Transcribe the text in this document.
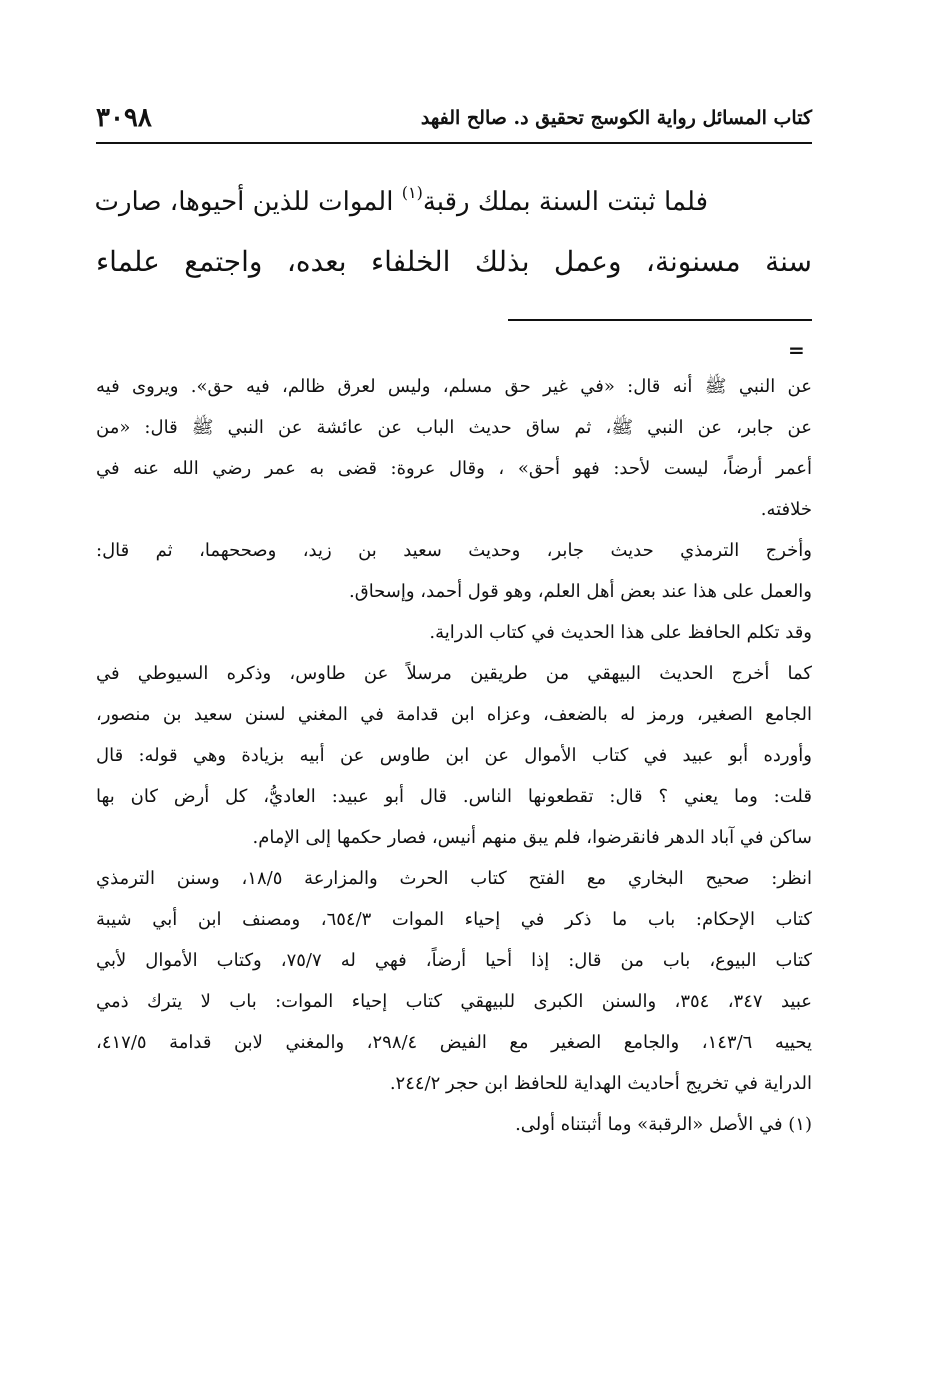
كتاب المسائل رواية الكوسج تحقيق د. صالح الفهد
٣٠٩٨
فلما ثبتت السنة بملك رقبة$^{(١)}$ الموات للذين أحيوها، صارت
سنة مسنونة، وعمل بذلك الخلفاء بعده، واجتمع علماء
=
عن النبي ﷺ أنه قال: «في غير حق مسلم، وليس لعرق ظالم، فيه حق». ويروى فيه
عن جابر، عن النبي ﷺ، ثم ساق حديث الباب عن عائشة عن النبي ﷺ قال: «من
أعمر أرضاً، ليست لأحد: فهو أحق» ، وقال عروة: قضى به عمر رضي الله عنه في
خلافته.
وأخرج الترمذي حديث جابر، وحديث سعيد بن زيد، وصححهما، ثم قال:
والعمل على هذا عند بعض أهل العلم، وهو قول أحمد، وإسحاق.
وقد تكلم الحافظ على هذا الحديث في كتاب الدراية.
كما أخرج الحديث البيهقي من طريقين مرسلاً عن طاوس، وذكره السيوطي في
الجامع الصغير، ورمز له بالضعف، وعزاه ابن قدامة في المغني لسنن سعيد بن منصور،
وأورده أبو عبيد في كتاب الأموال عن ابن طاوس عن أبيه بزيادة وهي قوله: قال
قلت: وما يعني ؟ قال: تقطعونها الناس. قال أبو عبيد: العاديُّ، كل أرض كان بها
ساكن في آباد الدهر فانقرضوا، فلم يبق منهم أنيس، فصار حكمها إلى الإمام.
انظر: صحيح البخاري مع الفتح كتاب الحرث والمزارعة ١٨/٥، وسنن الترمذي
كتاب الإحكام: باب ما ذكر في إحياء الموات ٦٥٤/٣، ومصنف ابن أبي شيبة
كتاب البيوع، باب من قال: إذا أحيا أرضاً، فهي له ٧٥/٧، وكتاب الأموال لأبي
عبيد ٣٤٧، ٣٥٤، والسنن الكبرى للبيهقي كتاب إحياء الموات: باب لا يترك ذمي
يحييه ١٤٣/٦، والجامع الصغير مع الفيض ٢٩٨/٤، والمغني لابن قدامة ٤١٧/٥،
الدراية في تخريج أحاديث الهداية للحافظ ابن حجر ٢٤٤/٢.
(١) في الأصل «الرقبة» وما أثبتناه أولى.
